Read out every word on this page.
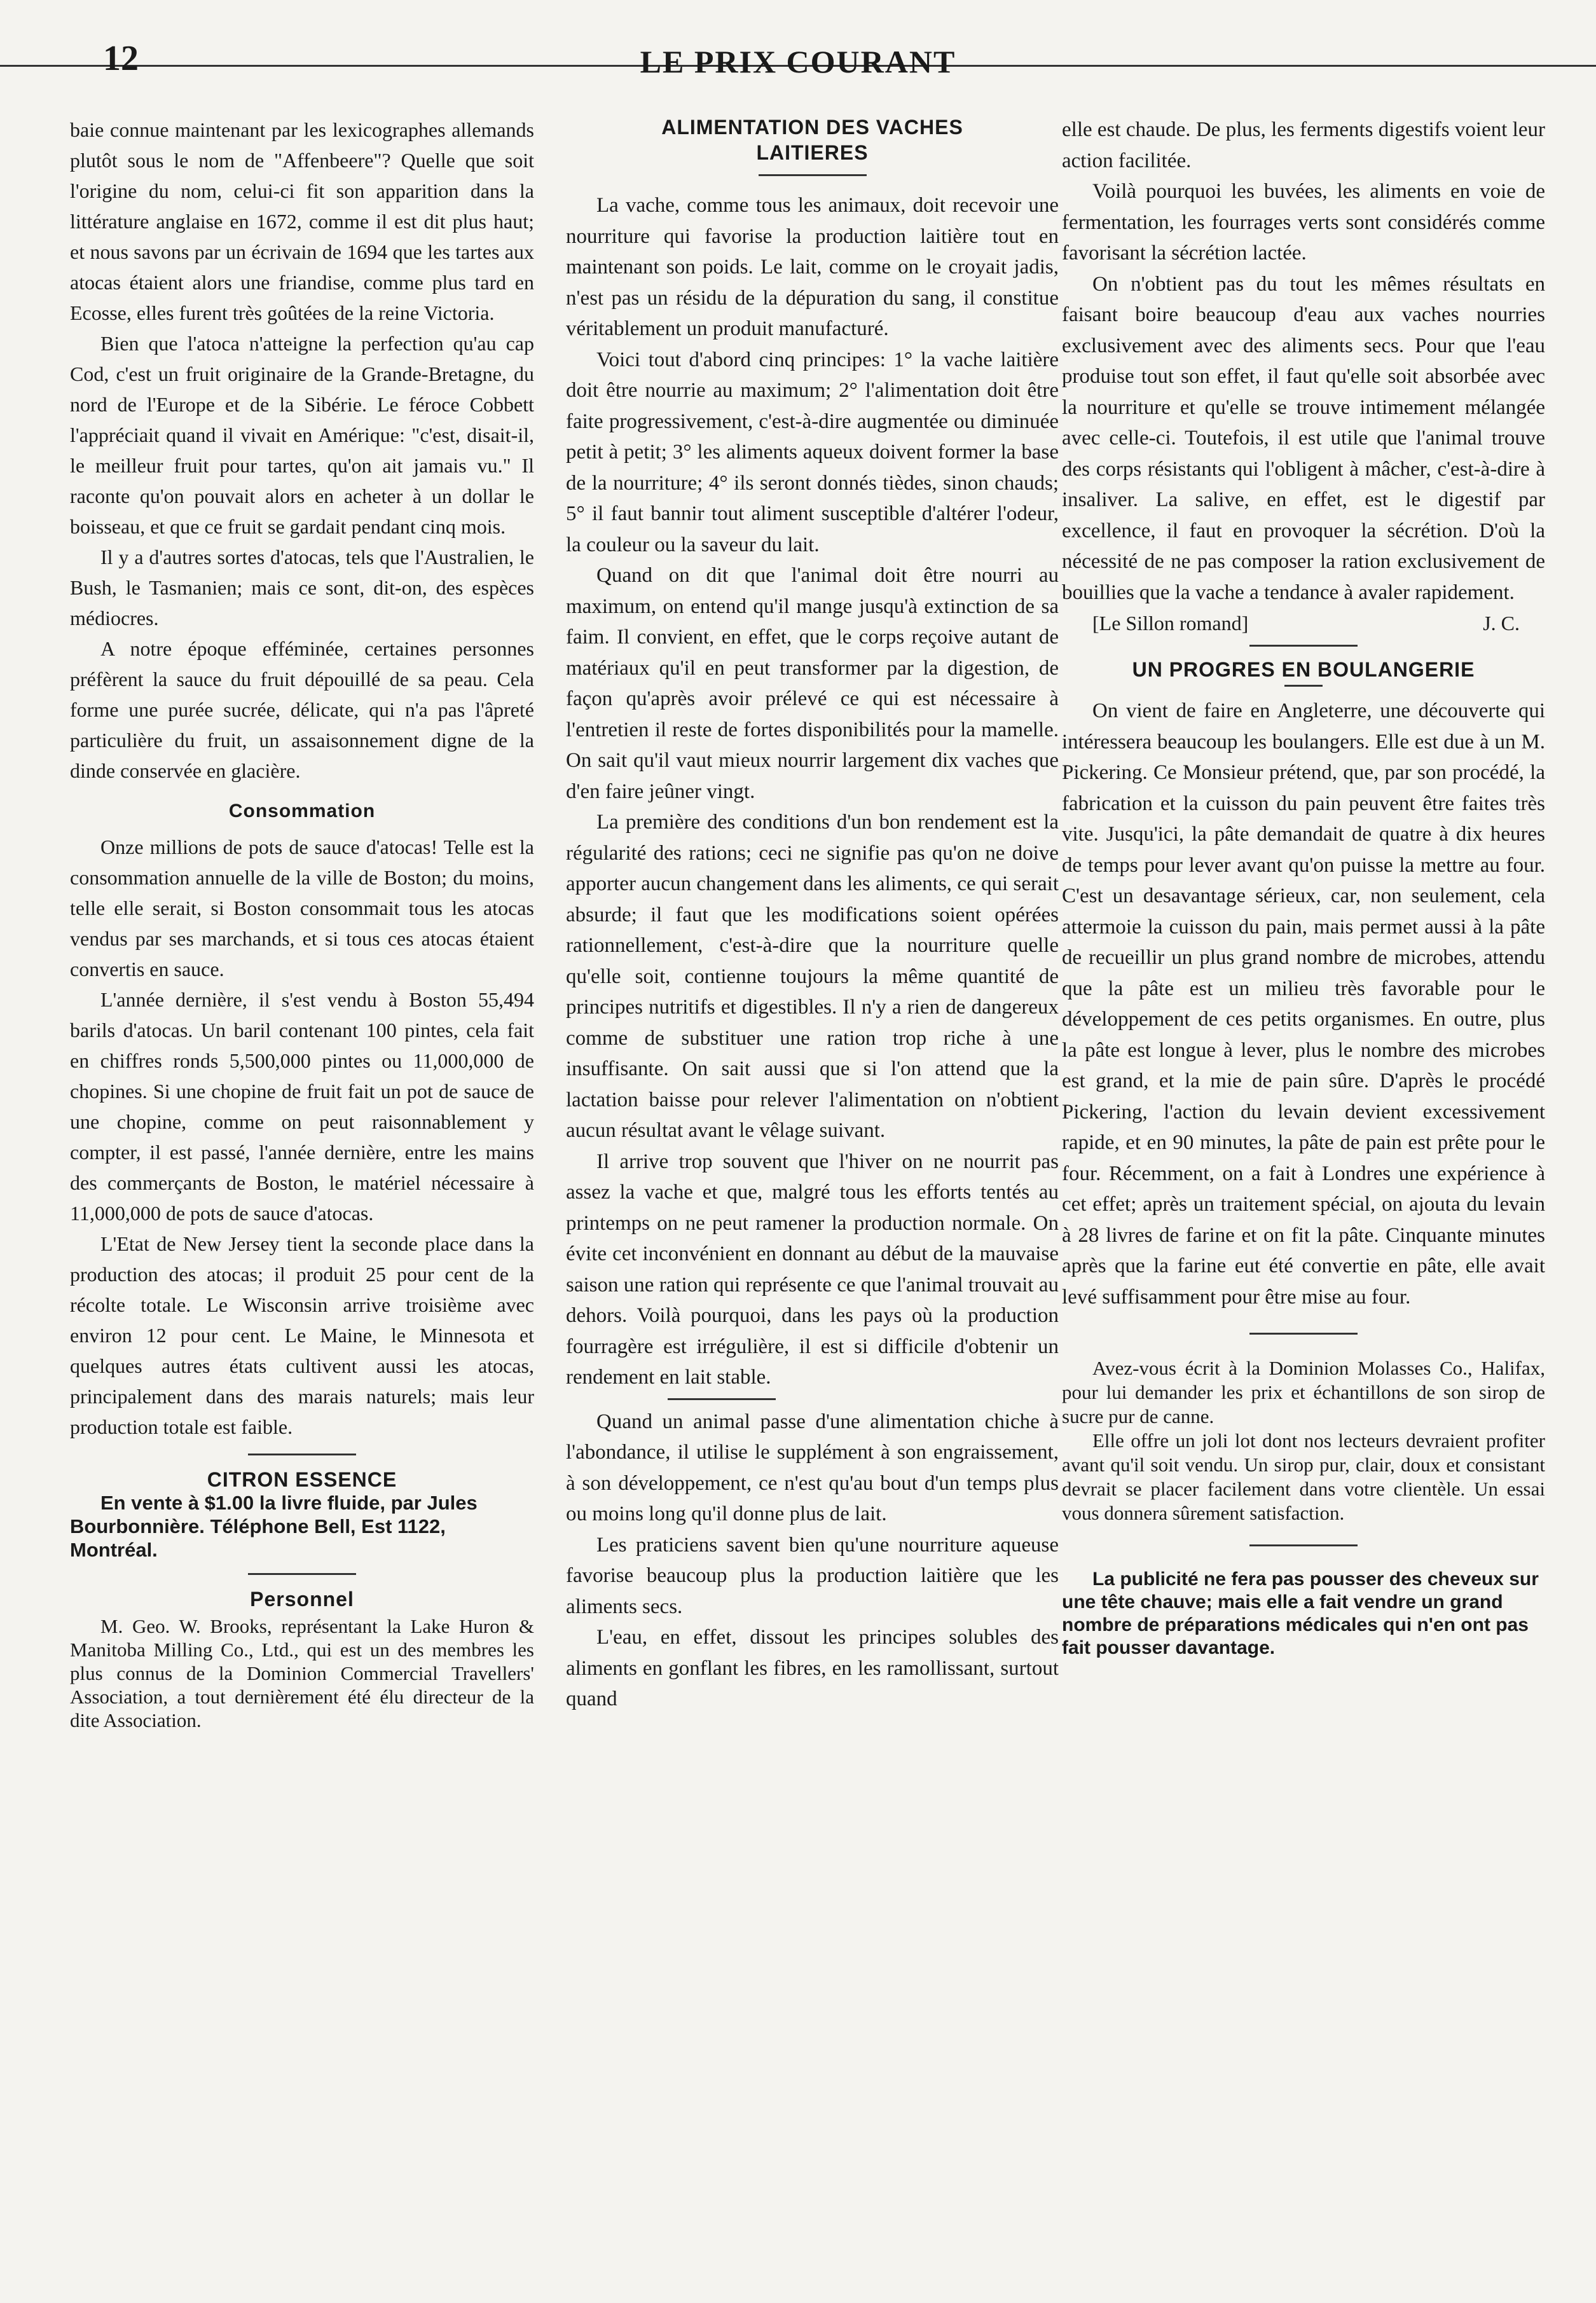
12	LE PRIX COURANT

baie connue maintenant par les lexicographes allemands plutôt sous le nom de "Affenbeere"? Quelle que soit l'origine du nom, celui-ci fit son apparition dans la littérature anglaise en 1672, comme il est dit plus haut; et nous savons par un écrivain de 1694 que les tartes aux atocas étaient alors une friandise, comme plus tard en Ecosse, elles furent très goûtées de la reine Victoria.

Bien que l'atoca n'atteigne la perfection qu'au cap Cod, c'est un fruit originaire de la Grande-Bretagne, du nord de l'Europe et de la Sibérie. Le féroce Cobbett l'appréciait quand il vivait en Amérique: "c'est, disait-il, le meilleur fruit pour tartes, qu'on ait jamais vu." Il raconte qu'on pouvait alors en acheter à un dollar le boisseau, et que ce fruit se gardait pendant cinq mois.

Il y a d'autres sortes d'atocas, tels que l'Australien, le Bush, le Tasmanien; mais ce sont, dit-on, des espèces médiocres.

A notre époque efféminée, certaines personnes préfèrent la sauce du fruit dépouillé de sa peau. Cela forme une purée sucrée, délicate, qui n'a pas l'âpreté particulière du fruit, un assaisonnement digne de la dinde conservée en glacière.

Consommation

Onze millions de pots de sauce d'atocas! Telle est la consommation annuelle de la ville de Boston; du moins, telle elle serait, si Boston consommait tous les atocas vendus par ses marchands, et si tous ces atocas étaient convertis en sauce.

L'année dernière, il s'est vendu à Boston 55,494 barils d'atocas. Un baril contenant 100 pintes, cela fait en chiffres ronds 5,500,000 pintes ou 11,000,000 de chopines. Si une chopine de fruit fait un pot de sauce de une chopine, comme on peut raisonnablement y compter, il est passé, l'année dernière, entre les mains des commerçants de Boston, le matériel nécessaire à 11,000,000 de pots de sauce d'atocas.

L'Etat de New Jersey tient la seconde place dans la production des atocas; il produit 25 pour cent de la récolte totale. Le Wisconsin arrive troisième avec environ 12 pour cent. Le Maine, le Minnesota et quelques autres états cultivent aussi les atocas, principalement dans des marais naturels; mais leur production totale est faible.

CITRON ESSENCE

En vente à $1.00 la livre fluide, par Jules Bourbonnière. Téléphone Bell, Est 1122, Montréal.

Personnel

M. Geo. W. Brooks, représentant la Lake Huron & Manitoba Milling Co., Ltd., qui est un des membres les plus connus de la Dominion Commercial Travellers' Association, a tout dernièrement été élu directeur de la dite Association.

ALIMENTATION DES VACHES LAITIERES

La vache, comme tous les animaux, doit recevoir une nourriture qui favorise la production laitière tout en maintenant son poids. Le lait, comme on le croyait jadis, n'est pas un résidu de la dépuration du sang, il constitue véritablement un produit manufacturé.

Voici tout d'abord cinq principes: 1° la vache laitière doit être nourrie au maximum; 2° l'alimentation doit être faite progressivement, c'est-à-dire augmentée ou diminuée petit à petit; 3° les aliments aqueux doivent former la base de la nourriture; 4° ils seront donnés tièdes, sinon chauds; 5° il faut bannir tout aliment susceptible d'altérer l'odeur, la couleur ou la saveur du lait.

Quand on dit que l'animal doit être nourri au maximum, on entend qu'il mange jusqu'à extinction de sa faim. Il convient, en effet, que le corps reçoive autant de matériaux qu'il en peut transformer par la digestion, de façon qu'après avoir prélevé ce qui est nécessaire à l'entretien il reste de fortes disponibilités pour la mamelle. On sait qu'il vaut mieux nourrir largement dix vaches que d'en faire jeûner vingt.

La première des conditions d'un bon rendement est la régularité des rations; ceci ne signifie pas qu'on ne doive apporter aucun changement dans les aliments, ce qui serait absurde; il faut que les modifications soient opérées rationnellement, c'est-à-dire que la nourriture quelle qu'elle soit, contienne toujours la même quantité de principes nutritifs et digestibles. Il n'y a rien de dangereux comme de substituer une ration trop riche à une insuffisante. On sait aussi que si l'on attend que la lactation baisse pour relever l'alimentation on n'obtient aucun résultat avant le vêlage suivant.

Il arrive trop souvent que l'hiver on ne nourrit pas assez la vache et que, malgré tous les efforts tentés au printemps on ne peut ramener la production normale. On évite cet inconvénient en donnant au début de la mauvaise saison une ration qui représente ce que l'animal trouvait au dehors. Voilà pourquoi, dans les pays où la production fourragère est irrégulière, il est si difficile d'obtenir un rendement en lait stable.

Quand un animal passe d'une alimentation chiche à l'abondance, il utilise le supplément à son engraissement, à son développement, ce n'est qu'au bout d'un temps plus ou moins long qu'il donne plus de lait.

Les praticiens savent bien qu'une nourriture aqueuse favorise beaucoup plus la production laitière que les aliments secs.

L'eau, en effet, dissout les principes solubles des aliments en gonflant les fibres, en les ramollissant, surtout quand

elle est chaude. De plus, les ferments digestifs voient leur action facilitée.

Voilà pourquoi les buvées, les aliments en voie de fermentation, les fourrages verts sont considérés comme favorisant la sécrétion lactée.

On n'obtient pas du tout les mêmes résultats en faisant boire beaucoup d'eau aux vaches nourries exclusivement avec des aliments secs. Pour que l'eau produise tout son effet, il faut qu'elle soit absorbée avec la nourriture et qu'elle se trouve intimement mélangée avec celle-ci. Toutefois, il est utile que l'animal trouve des corps résistants qui l'obligent à mâcher, c'est-à-dire à insaliver. La salive, en effet, est le digestif par excellence, il faut en provoquer la sécrétion. D'où la nécessité de ne pas composer la ration exclusivement de bouillies que la vache a tendance à avaler rapidement.

[Le Sillon romand]	J. C.
UN PROGRES EN BOULANGERIE

On vient de faire en Angleterre, une découverte qui intéressera beaucoup les boulangers. Elle est due à un M. Pickering. Ce Monsieur prétend, que, par son procédé, la fabrication et la cuisson du pain peuvent être faites très vite. Jusqu'ici, la pâte demandait de quatre à dix heures de temps pour lever avant qu'on puisse la mettre au four. C'est un desavantage sérieux, car, non seulement, cela attermoie la cuisson du pain, mais permet aussi à la pâte de recueillir un plus grand nombre de microbes, attendu que la pâte est un milieu très favorable pour le développement de ces petits organismes. En outre, plus la pâte est longue à lever, plus le nombre des microbes est grand, et la mie de pain sûre. D'après le procédé Pickering, l'action du levain devient excessivement rapide, et en 90 minutes, la pâte de pain est prête pour le four. Récemment, on a fait à Londres une expérience à cet effet; après un traitement spécial, on ajouta du levain à 28 livres de farine et on fit la pâte. Cinquante minutes après que la farine eut été convertie en pâte, elle avait levé suffisamment pour être mise au four.

Avez-vous écrit à la Dominion Molasses Co., Halifax, pour lui demander les prix et échantillons de son sirop de sucre pur de canne.

Elle offre un joli lot dont nos lecteurs devraient profiter avant qu'il soit vendu. Un sirop pur, clair, doux et consistant devrait se placer facilement dans votre clientèle. Un essai vous donnera sûrement satisfaction.

La publicité ne fera pas pousser des cheveux sur une tête chauve; mais elle a fait vendre un grand nombre de préparations médicales qui n'en ont pas fait pousser davantage.
